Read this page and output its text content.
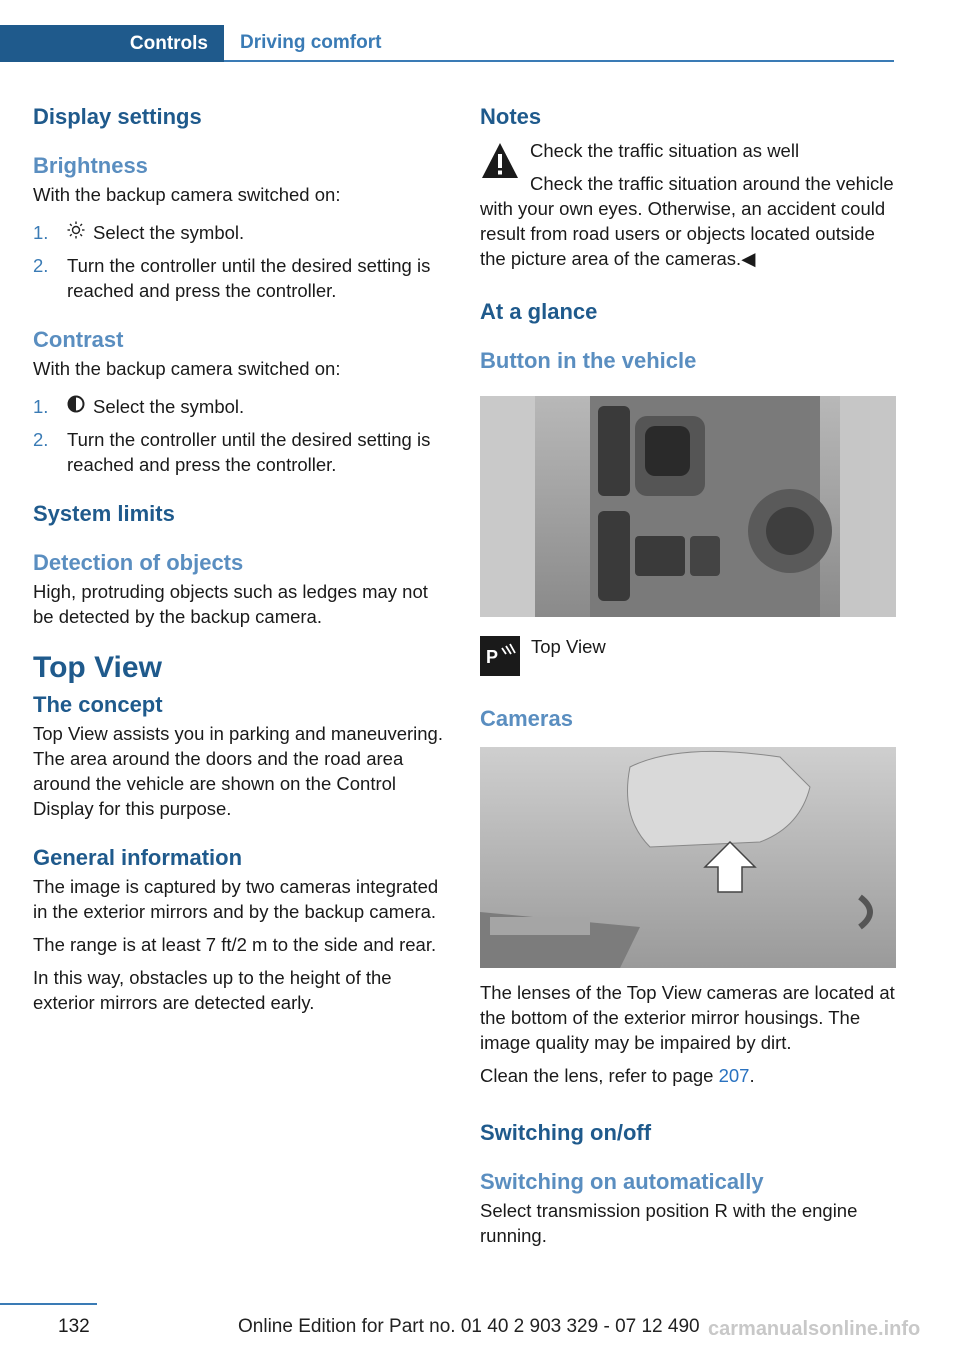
Controls	Driving comfort

Display settings

Brightness

With the backup camera switched on:

1.	Select the symbol.
2.	Turn the controller until the desired setting is reached and press the controller.

Contrast

With the backup camera switched on:

1.	Select the symbol.
2.	Turn the controller until the desired setting is reached and press the controller.

System limits

Detection of objects

High, protruding objects such as ledges may not be detected by the backup camera.

Top View

The concept

Top View assists you in parking and maneuvering. The area around the doors and the road area around the vehicle are shown on the Control Display for this purpose.

General information

The image is captured by two cameras integrated in the exterior mirrors and by the backup camera.

The range is at least 7 ft/2 m to the side and rear.

In this way, obstacles up to the height of the exterior mirrors are detected early.

Notes

Check the traffic situation as well

Check the traffic situation around the vehicle with your own eyes. Otherwise, an accident could result from road users or objects located outside the picture area of the cameras.◀

At a glance

Button in the vehicle

P Top View

Cameras

The lenses of the Top View cameras are located at the bottom of the exterior mirror housings. The image quality may be impaired by dirt.

Clean the lens, refer to page 207.

Switching on/off

Switching on automatically

Select transmission position R with the engine running.

132	Online Edition for Part no. 01 40 2 903 329 - 07 12 490 carmanualsonline.info
